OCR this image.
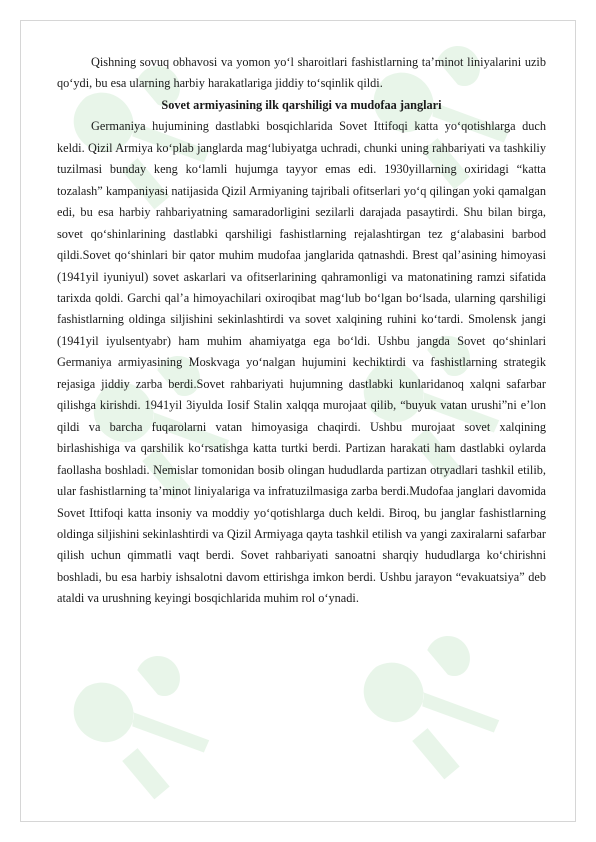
Qishning sovuq obhavosi va yomon yo‘l sharoitlari fashistlarning ta’minot liniyalarini uzib qo‘ydi, bu esa ularning harbiy harakatlariga jiddiy to‘sqinlik qildi.

Sovet armiyasining ilk qarshiligi va mudofaa janglari

Germaniya hujumining dastlabki bosqichlarida Sovet Ittifoqi katta yo‘qotishlarga duch keldi. Qizil Armiya ko‘plab janglarda mag‘lubiyatga uchradi, chunki uning rahbariyati va tashkiliy tuzilmasi bunday keng ko‘lamli hujumga tayyor emas edi. 1930yillarning oxiridagi “katta tozalash” kampaniyasi natijasida Qizil Armiyaning tajribali ofitserlari yo‘q qilingan yoki qamalgan edi, bu esa harbiy rahbariyatning samaradorligini sezilarli darajada pasaytirdi. Shu bilan birga, sovet qo‘shinlarining dastlabki qarshiligi fashistlarning rejalashtirgan tez g‘alabasini barbod qildi.Sovet qo‘shinlari bir qator muhim mudofaa janglarida qatnashdi. Brest qal’asining himoyasi (1941yil iyuniyul) sovet askarlari va ofitserlarining qahramonligi va matonatining ramzi sifatida tarixda qoldi. Garchi qal’a himoyachilari oxiroqibat mag‘lub bo‘lgan bo‘lsada, ularning qarshiligi fashistlarning oldinga siljishini sekinlashtirdi va sovet xalqining ruhini ko‘tardi. Smolensk jangi (1941yil iyulsentyabr) ham muhim ahamiyatga ega bo‘ldi. Ushbu jangda Sovet qo‘shinlari Germaniya armiyasining Moskvaga yo‘nalgan hujumini kechiktirdi va fashistlarning strategik rejasiga jiddiy zarba berdi.Sovet rahbariyati hujumning dastlabki kunlaridanoq xalqni safarbar qilishga kirishdi. 1941yil 3iyulda Iosif Stalin xalqqa murojaat qilib, “buyuk vatan urushi”ni e’lon qildi va barcha fuqarolarni vatan himoyasiga chaqirdi. Ushbu murojaat sovet xalqining birlashishiga va qarshilik ko‘rsatishga katta turtki berdi. Partizan harakati ham dastlabki oylarda faollasha boshladi. Nemislar tomonidan bosib olingan hududlarda partizan otryadlari tashkil etilib, ular fashistlarning ta’minot liniyalariga va infratuzilmasiga zarba berdi.Mudofaa janglari davomida Sovet Ittifoqi katta insoniy va moddiy yo‘qotishlarga duch keldi. Biroq, bu janglar fashistlarning oldinga siljishini sekinlashtirdi va Qizil Armiyaga qayta tashkil etilish va yangi zaxiralarni safarbar qilish uchun qimmatli vaqt berdi. Sovet rahbariyati sanoatni sharqiy hududlarga ko‘chirishni boshladi, bu esa harbiy ishsalotni davom ettirishga imkon berdi. Ushbu jarayon “evakuatsiya” deb ataldi va urushning keyingi bosqichlarida muhim rol o‘ynadi.
